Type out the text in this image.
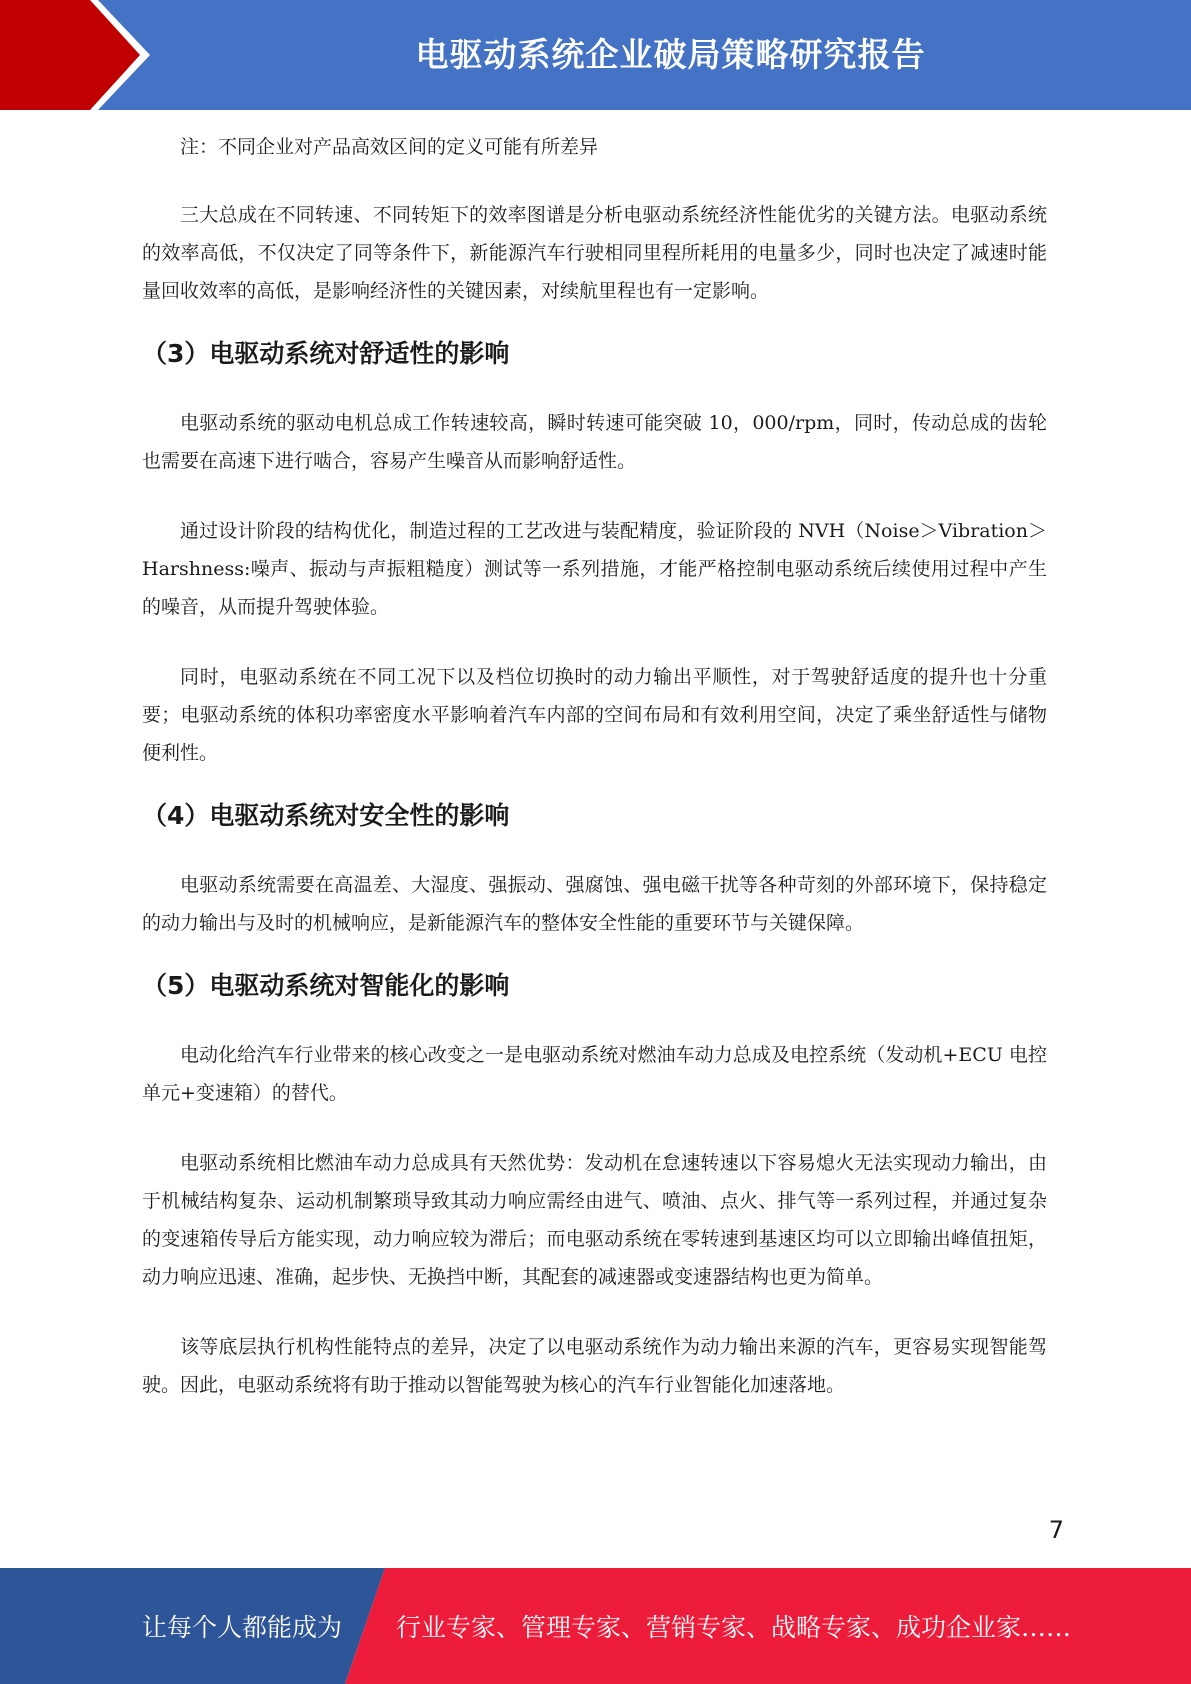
电驱动系统企业破局策略研究报告

注：不同企业对产品高效区间的定义可能有所差异

三大总成在不同转速、不同转矩下的效率图谱是分析电驱动系统经济性能优劣的关键方法。电驱动系统的效率高低，不仅决定了同等条件下，新能源汽车行驶相同里程所耗用的电量多少，同时也决定了减速时能量回收效率的高低，是影响经济性的关键因素，对续航里程也有一定影响。

（3）电驱动系统对舒适性的影响

电驱动系统的驱动电机总成工作转速较高，瞬时转速可能突破 10，000/rpm，同时，传动总成的齿轮也需要在高速下进行啮合，容易产生噪音从而影响舒适性。

通过设计阶段的结构优化，制造过程的工艺改进与装配精度，验证阶段的 NVH（Noise＞Vibration＞Harshness:噪声、振动与声振粗糙度）测试等一系列措施，才能严格控制电驱动系统后续使用过程中产生的噪音，从而提升驾驶体验。

同时，电驱动系统在不同工况下以及档位切换时的动力输出平顺性，对于驾驶舒适度的提升也十分重要；电驱动系统的体积功率密度水平影响着汽车内部的空间布局和有效利用空间，决定了乘坐舒适性与储物便利性。

（4）电驱动系统对安全性的影响

电驱动系统需要在高温差、大湿度、强振动、强腐蚀、强电磁干扰等各种苛刻的外部环境下，保持稳定的动力输出与及时的机械响应，是新能源汽车的整体安全性能的重要环节与关键保障。

（5）电驱动系统对智能化的影响

电动化给汽车行业带来的核心改变之一是电驱动系统对燃油车动力总成及电控系统（发动机+ECU 电控单元+变速箱）的替代。

电驱动系统相比燃油车动力总成具有天然优势：发动机在怠速转速以下容易熄火无法实现动力输出，由于机械结构复杂、运动机制繁琐导致其动力响应需经由进气、喷油、点火、排气等一系列过程，并通过复杂的变速箱传导后方能实现，动力响应较为滞后；而电驱动系统在零转速到基速区均可以立即输出峰值扭矩，动力响应迅速、准确，起步快、无换挡中断，其配套的减速器或变速器结构也更为简单。

该等底层执行机构性能特点的差异，决定了以电驱动系统作为动力输出来源的汽车，更容易实现智能驾驶。因此，电驱动系统将有助于推动以智能驾驶为核心的汽车行业智能化加速落地。

7
让每个人都能成为 行业专家、管理专家、营销专家、战略专家、成功企业家……
